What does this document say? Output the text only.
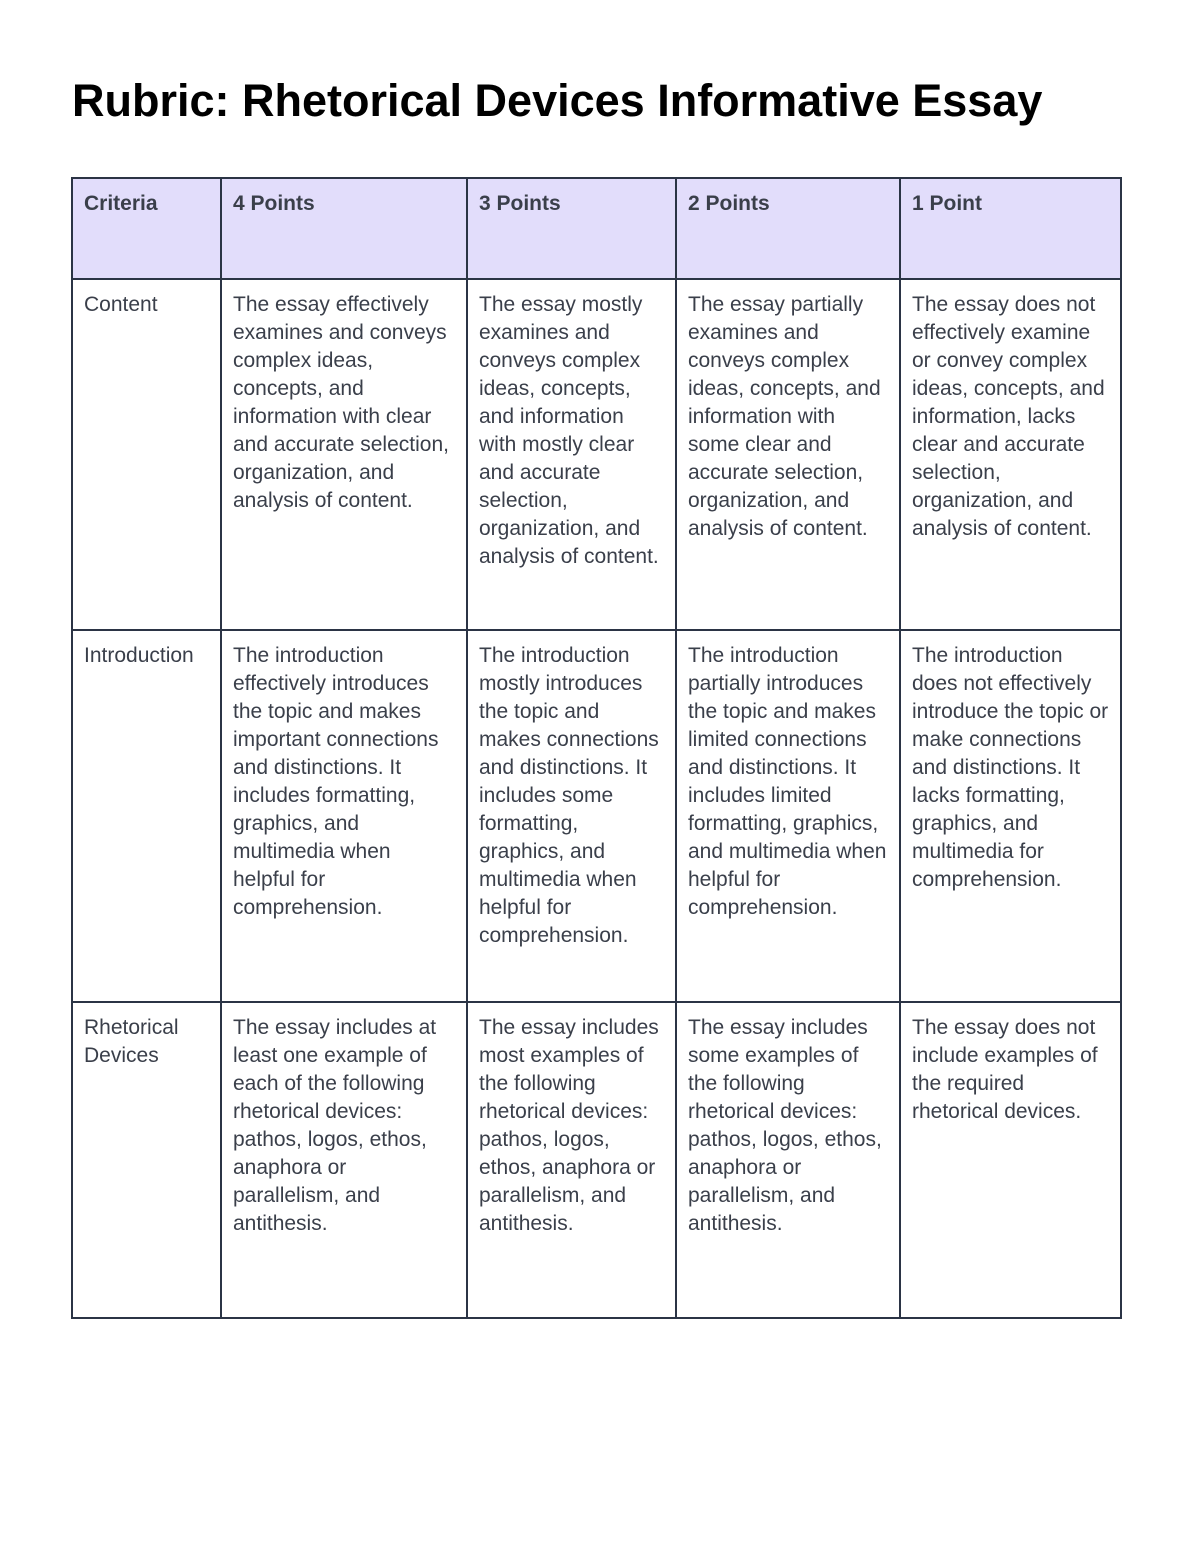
Rubric: Rhetorical Devices Informative Essay
Criteria	4 Points	3 Points	2 Points	1 Point
Content	The essay effectively examines and conveys complex ideas, concepts, and information with clear and accurate selection, organization, and analysis of content.	The essay mostly examines and conveys complex ideas, concepts, and information with mostly clear and accurate selection, organization, and analysis of content.	The essay partially examines and conveys complex ideas, concepts, and information with some clear and accurate selection, organization, and analysis of content.	The essay does not effectively examine or convey complex ideas, concepts, and information, lacks clear and accurate selection, organization, and analysis of content.
Introduction	The introduction effectively introduces the topic and makes important connections and distinctions. It includes formatting, graphics, and multimedia when helpful for comprehension.	The introduction mostly introduces the topic and makes connections and distinctions. It includes some formatting, graphics, and multimedia when helpful for comprehension.	The introduction partially introduces the topic and makes limited connections and distinctions. It includes limited formatting, graphics, and multimedia when helpful for comprehension.	The introduction does not effectively introduce the topic or make connections and distinctions. It lacks formatting, graphics, and multimedia for comprehension.
Rhetorical Devices	The essay includes at least one example of each of the following rhetorical devices: pathos, logos, ethos, anaphora or parallelism, and antithesis.	The essay includes most examples of the following rhetorical devices: pathos, logos, ethos, anaphora or parallelism, and antithesis.	The essay includes some examples of the following rhetorical devices: pathos, logos, ethos, anaphora or parallelism, and antithesis.	The essay does not include examples of the required rhetorical devices.
